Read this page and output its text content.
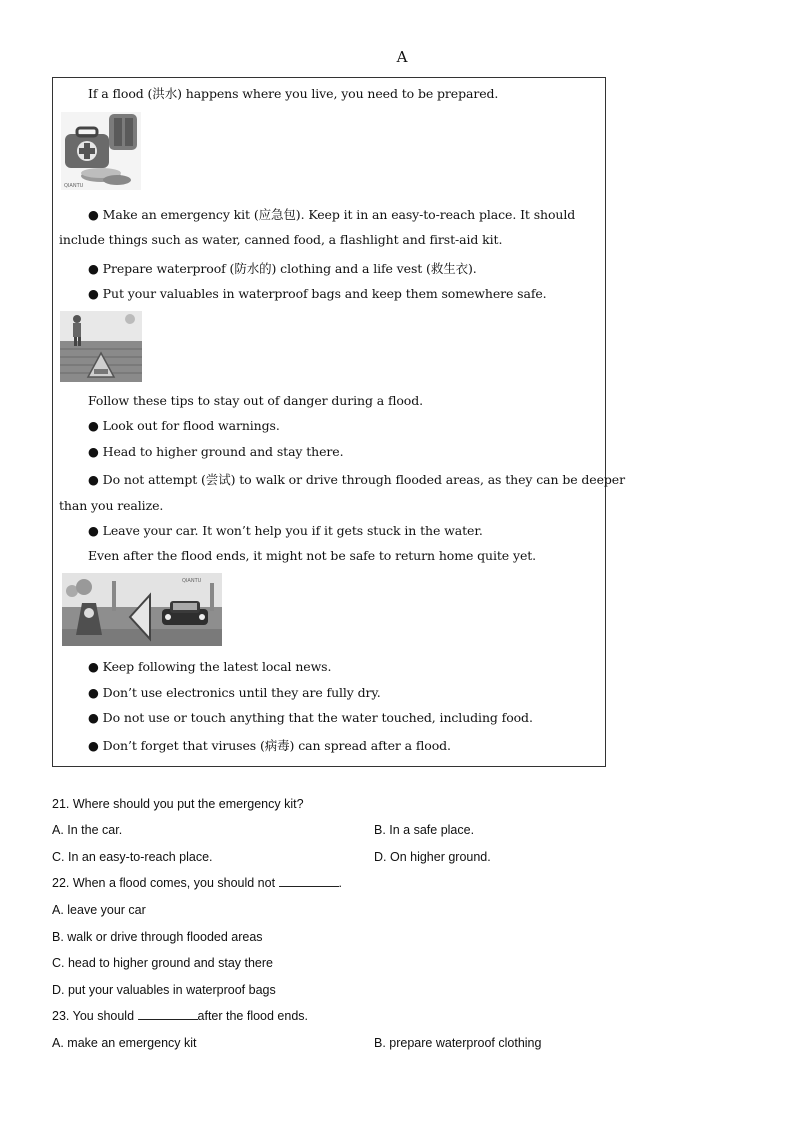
A
If a flood (洪水) happens where you live, you need to be prepared.
QIANTU
● Make an emergency kit (应急包). Keep it in an easy-to-reach place. It should
include things such as water, canned food, a flashlight and first-aid kit.
● Prepare waterproof (防水的) clothing and a life vest (救生衣).
● Put your valuables in waterproof bags and keep them somewhere safe.
Follow these tips to stay out of danger during a flood.
● Look out for flood warnings.
● Head to higher ground and stay there.
● Do not attempt (尝试) to walk or drive through flooded areas, as they can be deeper
than you realize.
● Leave your car. It won’t help you if it gets stuck in the water.
Even after the flood ends, it might not be safe to return home quite yet.
QIANTU
● Keep following the latest local news.
● Don’t use electronics until they are fully dry.
● Do not use or touch anything that the water touched, including food.
● Don’t forget that viruses (病毒) can spread after a flood.
21. Where should you put the emergency kit?
A. In the car.	B. In a safe place.
C. In an easy-to-reach place.	D. On higher ground.
22. When a flood comes, you should not	.
A. leave your car
B. walk or drive through flooded areas
C. head to higher ground and stay there
D. put your valuables in waterproof bags
23. You should	after the flood ends.
A. make an emergency kit	B. prepare waterproof clothing
